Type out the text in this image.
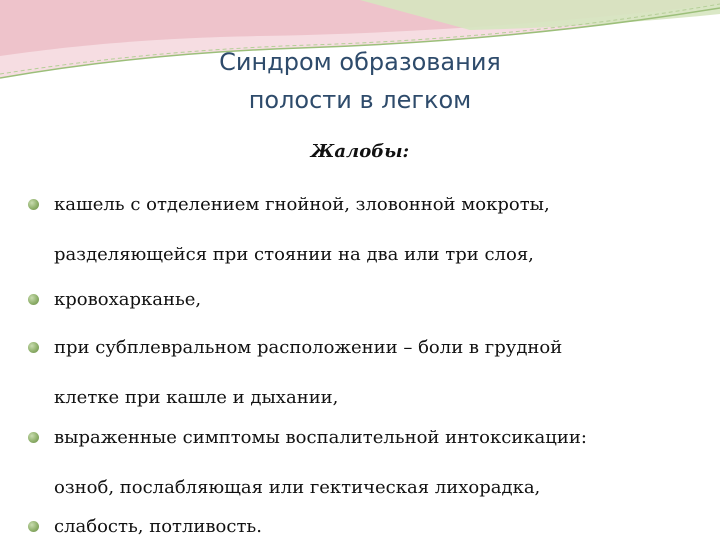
Синдром образования
полости в легком
Жалобы:
кашель с отделением гнойной, зловонной мокроты,
разделяющейся при стоянии на два или три слоя,
кровохарканье,
при субплевральном расположении – боли в грудной
клетке при кашле и дыхании,
выраженные симптомы воспалительной интоксикации:
озноб, послабляющая или гектическая лихорадка,
слабость, потливость.
